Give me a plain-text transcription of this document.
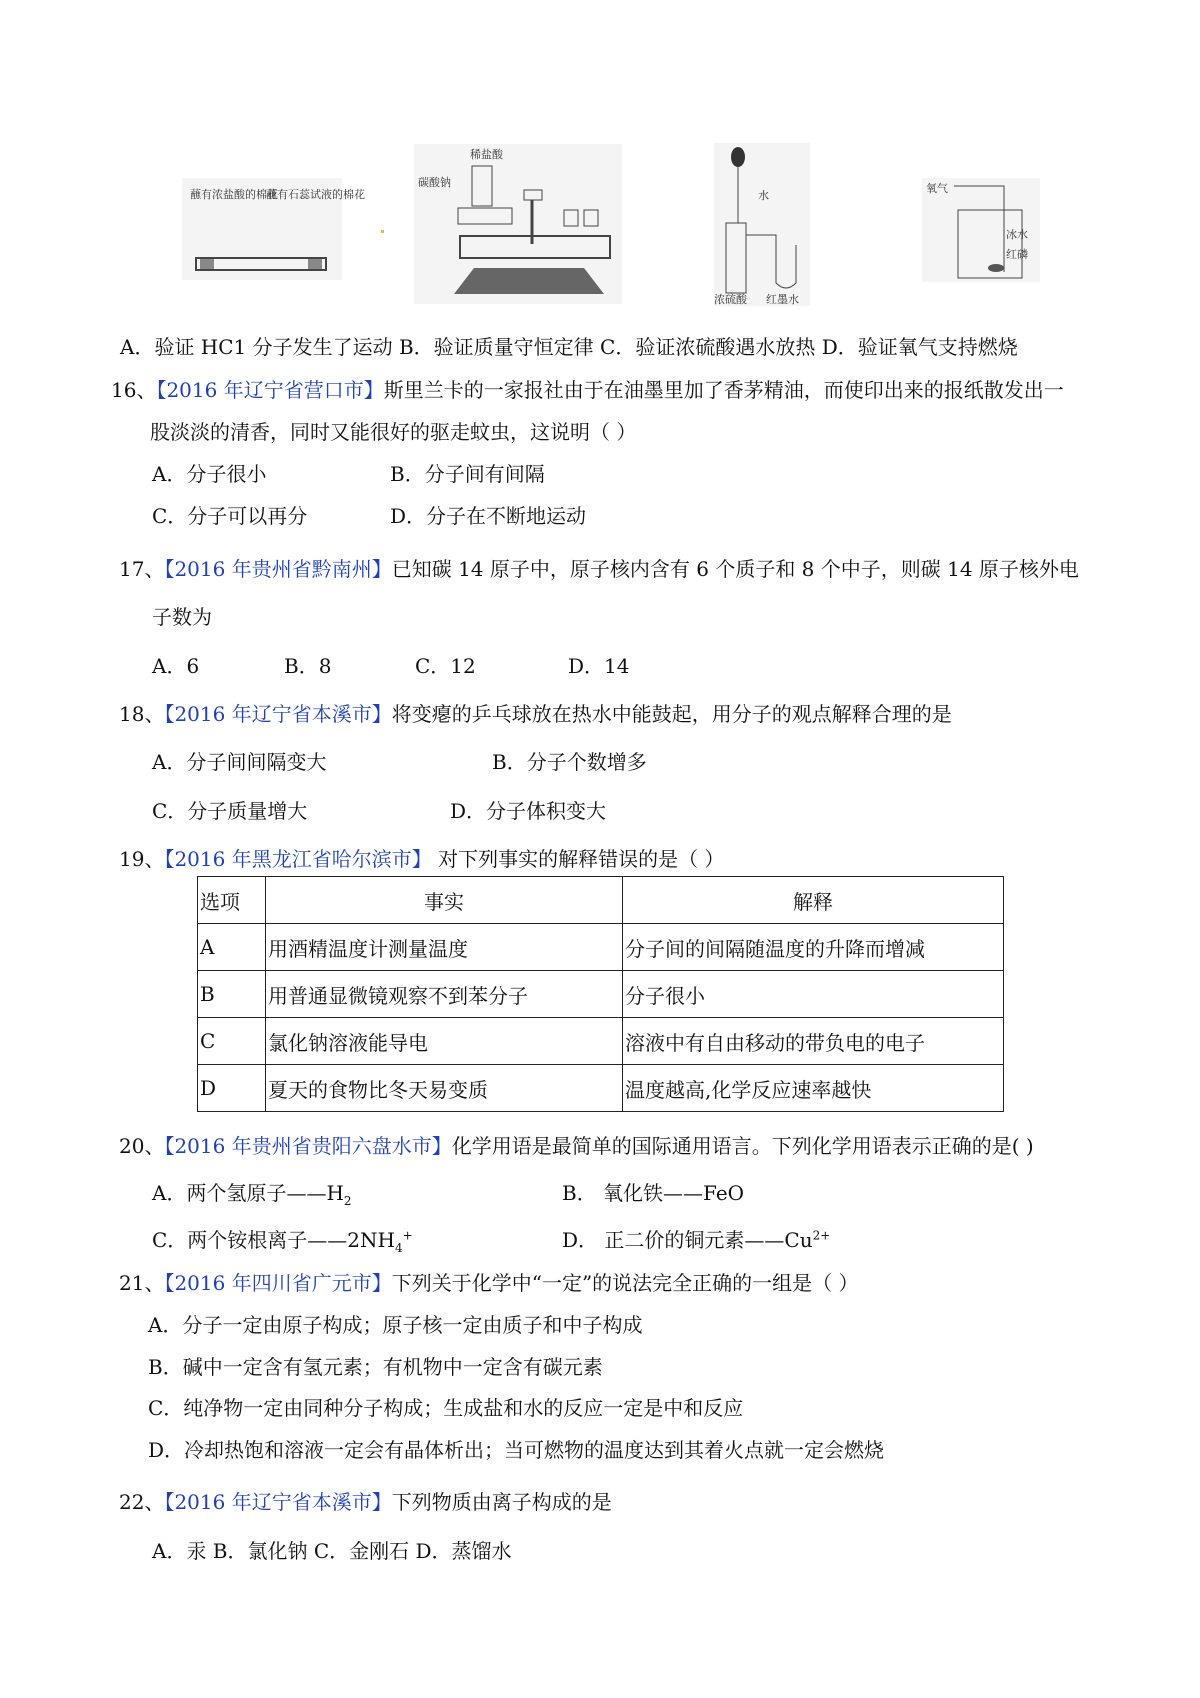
蘸有浓盐酸的棉花
蘸有石蕊试液的棉花
稀盐酸
碳酸钠
水
浓硫酸 红墨水
氧气
冰水
红磷
A．验证 HC1 分子发生了运动 B．验证质量守恒定律 C．验证浓硫酸遇水放热 D．验证氧气支持燃烧
16、【2016 年辽宁省营口市】斯里兰卡的一家报社由于在油墨里加了香茅精油，而使印出来的报纸散发出一
股淡淡的清香，同时又能很好的驱走蚊虫，这说明（ ）
A．分子很小	B．分子间有间隔
C．分子可以再分	D．分子在不断地运动
17、【2016 年贵州省黔南州】已知碳 14 原子中，原子核内含有 6 个质子和 8 个中子，则碳 14 原子核外电
子数为
A．6	B．8	C．12	D．14
18、【2016 年辽宁省本溪市】将变瘪的乒乓球放在热水中能鼓起，用分子的观点解释合理的是
A．分子间间隔变大	B．分子个数增多
C．分子质量增大	D．分子体积变大
19、【2016 年黑龙江省哈尔滨市】 对下列事实的解释错误的是（ ）
选项	事实	解释
A	用酒精温度计测量温度	分子间的间隔随温度的升降而增减
B	用普通显微镜观察不到苯分子	分子很小
C	氯化钠溶液能导电	溶液中有自由移动的带负电的电子
D	夏天的食物比冬天易变质	温度越高,化学反应速率越快
20、【2016 年贵州省贵阳六盘水市】化学用语是最简单的国际通用语言。下列化学用语表示正确的是( )
A．两个氢原子$——H_2$	B． 氧化铁——FeO
C．两个铵根离子$——2NH_4^+$	D． 正二价的铜元素$——Cu^{2+}$
21、【2016 年四川省广元市】下列关于化学中“一定”的说法完全正确的一组是（ ）
A．分子一定由原子构成；原子核一定由质子和中子构成
B．碱中一定含有氢元素；有机物中一定含有碳元素
C．纯净物一定由同种分子构成；生成盐和水的反应一定是中和反应
D．冷却热饱和溶液一定会有晶体析出；当可燃物的温度达到其着火点就一定会燃烧
22、【2016 年辽宁省本溪市】下列物质由离子构成的是
A．汞 B．氯化钠 C．金刚石 D．蒸馏水
